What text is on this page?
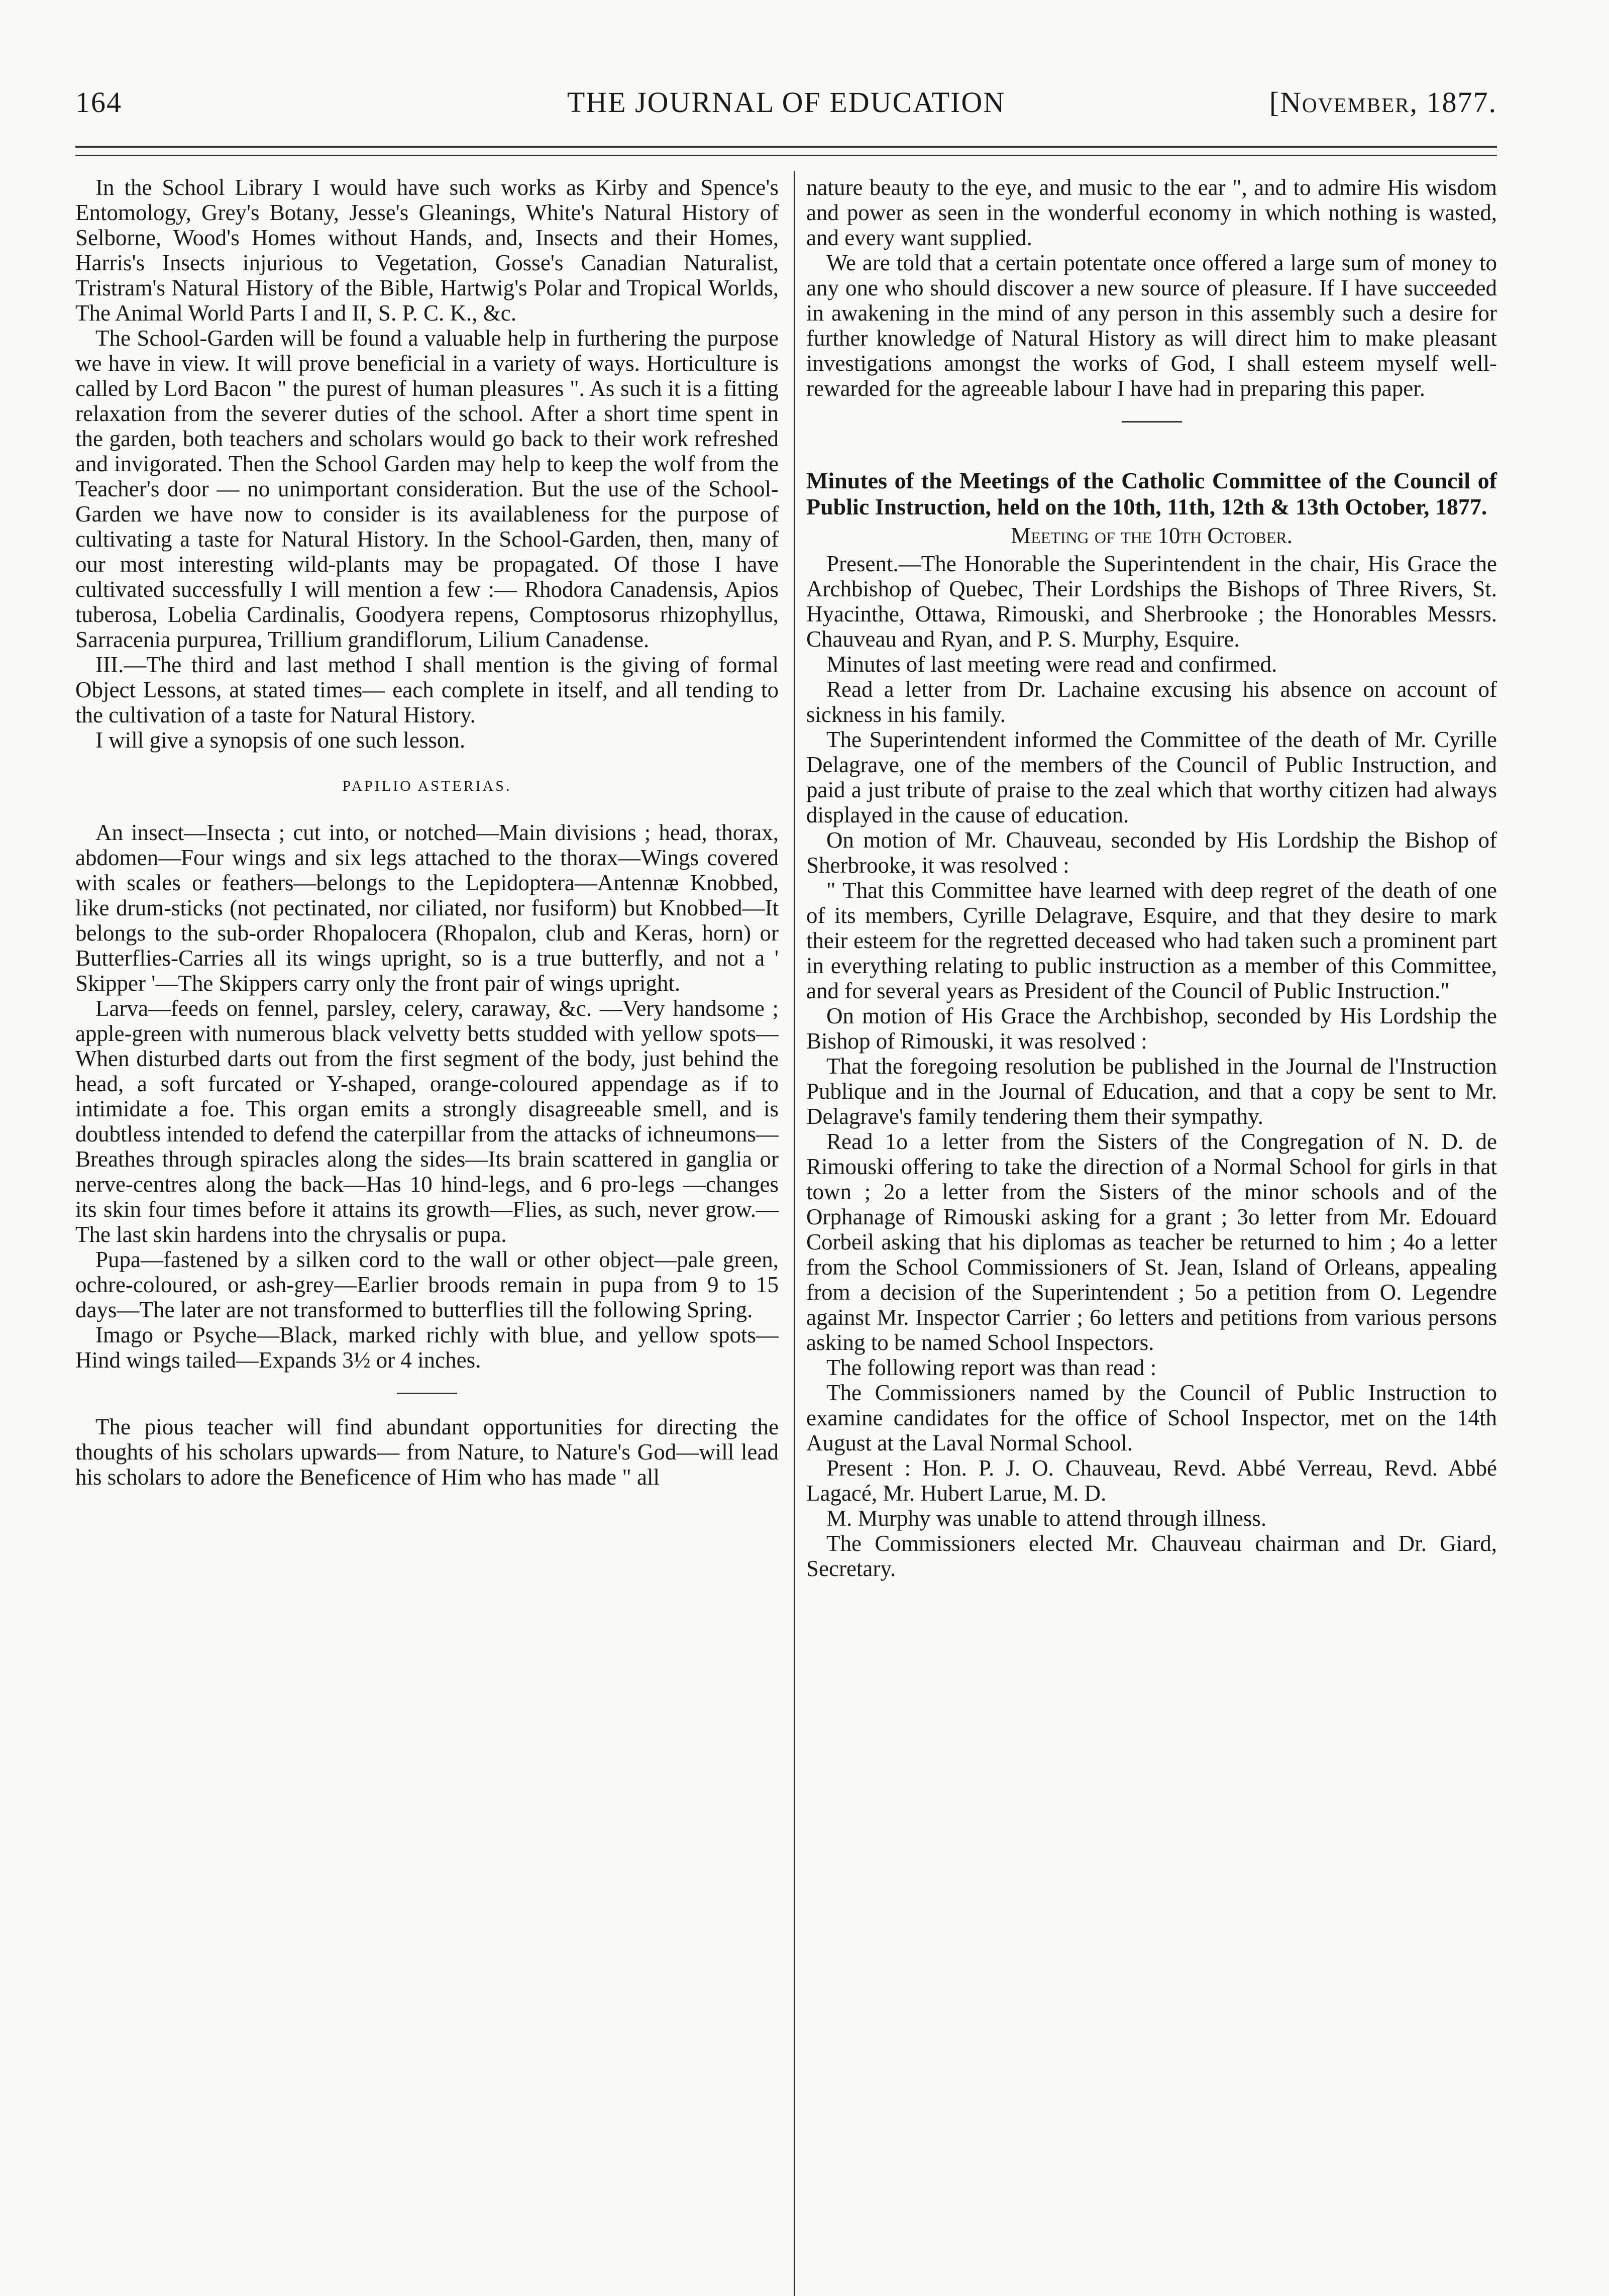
164	THE JOURNAL OF EDUCATION	[November, 1877.

In the School Library I would have such works as Kirby and Spence's Entomology, Grey's Botany, Jesse's Gleanings, White's Natural History of Selborne, Wood's Homes without Hands, and, Insects and their Homes, Harris's Insects injurious to Vegetation, Gosse's Canadian Naturalist, Tristram's Natural History of the Bible, Hartwig's Polar and Tropical Worlds, The Animal World Parts I and II, S. P. C. K., &c.

The School-Garden will be found a valuable help in furthering the purpose we have in view. It will prove beneficial in a variety of ways. Horticulture is called by Lord Bacon " the purest of human pleasures ". As such it is a fitting relaxation from the severer duties of the school. After a short time spent in the garden, both teachers and scholars would go back to their work refreshed and invigorated. Then the School Garden may help to keep the wolf from the Teacher's door — no unimportant consideration. But the use of the School-Garden we have now to consider is its availableness for the purpose of cultivating a taste for Natural History. In the School-Garden, then, many of our most interesting wild-plants may be propagated. Of those I have cultivated successfully I will mention a few :— Rhodora Canadensis, Apios tuberosa, Lobelia Cardinalis, Goodyera repens, Comptosorus rhizophyllus, Sarracenia purpurea, Trillium grandiflorum, Lilium Canadense.

III.—The third and last method I shall mention is the giving of formal Object Lessons, at stated times— each complete in itself, and all tending to the cultivation of a taste for Natural History.

I will give a synopsis of one such lesson.

PAPILIO ASTERIAS.

An insect—Insecta ; cut into, or notched—Main divisions ; head, thorax, abdomen—Four wings and six legs attached to the thorax—Wings covered with scales or feathers—belongs to the Lepidoptera—Antennæ Knobbed, like drum-sticks (not pectinated, nor ciliated, nor fusiform) but Knobbed—It belongs to the sub-order Rhopalocera (Rhopalon, club and Keras, horn) or Butterflies-Carries all its wings upright, so is a true butterfly, and not a ' Skipper '—The Skippers carry only the front pair of wings upright.

Larva—feeds on fennel, parsley, celery, caraway, &c. —Very handsome ; apple-green with numerous black velvetty betts studded with yellow spots—When disturbed darts out from the first segment of the body, just behind the head, a soft furcated or Y-shaped, orange-coloured appendage as if to intimidate a foe. This organ emits a strongly disagreeable smell, and is doubtless intended to defend the caterpillar from the attacks of ichneumons—Breathes through spiracles along the sides—Its brain scattered in ganglia or nerve-centres along the back—Has 10 hind-legs, and 6 pro-legs —changes its skin four times before it attains its growth—Flies, as such, never grow.—The last skin hardens into the chrysalis or pupa.

Pupa—fastened by a silken cord to the wall or other object—pale green, ochre-coloured, or ash-grey—Earlier broods remain in pupa from 9 to 15 days—The later are not transformed to butterflies till the following Spring.

Imago or Psyche—Black, marked richly with blue, and yellow spots—Hind wings tailed—Expands 3½ or 4 inches.

The pious teacher will find abundant opportunities for directing the thoughts of his scholars upwards— from Nature, to Nature's God—will lead his scholars to adore the Beneficence of Him who has made " all

nature beauty to the eye, and music to the ear ", and to admire His wisdom and power as seen in the wonderful economy in which nothing is wasted, and every want supplied.

We are told that a certain potentate once offered a large sum of money to any one who should discover a new source of pleasure. If I have succeeded in awakening in the mind of any person in this assembly such a desire for further knowledge of Natural History as will direct him to make pleasant investigations amongst the works of God, I shall esteem myself well-rewarded for the agreeable labour I have had in preparing this paper.

Minutes of the Meetings of the Catholic Committee of the Council of Public Instruction, held on the 10th, 11th, 12th & 13th October, 1877.

Meeting of the 10th October.

Present.—The Honorable the Superintendent in the chair, His Grace the Archbishop of Quebec, Their Lordships the Bishops of Three Rivers, St. Hyacinthe, Ottawa, Rimouski, and Sherbrooke ; the Honorables Messrs. Chauveau and Ryan, and P. S. Murphy, Esquire.

Minutes of last meeting were read and confirmed.

Read a letter from Dr. Lachaine excusing his absence on account of sickness in his family.

The Superintendent informed the Committee of the death of Mr. Cyrille Delagrave, one of the members of the Council of Public Instruction, and paid a just tribute of praise to the zeal which that worthy citizen had always displayed in the cause of education.

On motion of Mr. Chauveau, seconded by His Lordship the Bishop of Sherbrooke, it was resolved :

" That this Committee have learned with deep regret of the death of one of its members, Cyrille Delagrave, Esquire, and that they desire to mark their esteem for the regretted deceased who had taken such a prominent part in everything relating to public instruction as a member of this Committee, and for several years as President of the Council of Public Instruction."

On motion of His Grace the Archbishop, seconded by His Lordship the Bishop of Rimouski, it was resolved :

That the foregoing resolution be published in the Journal de l'Instruction Publique and in the Journal of Education, and that a copy be sent to Mr. Delagrave's family tendering them their sympathy.

Read 1o a letter from the Sisters of the Congregation of N. D. de Rimouski offering to take the direction of a Normal School for girls in that town ; 2o a letter from the Sisters of the minor schools and of the Orphanage of Rimouski asking for a grant ; 3o letter from Mr. Edouard Corbeil asking that his diplomas as teacher be returned to him ; 4o a letter from the School Commissioners of St. Jean, Island of Orleans, appealing from a decision of the Superintendent ; 5o a petition from O. Legendre against Mr. Inspector Carrier ; 6o letters and petitions from various persons asking to be named School Inspectors.

The following report was than read :

The Commissioners named by the Council of Public Instruction to examine candidates for the office of School Inspector, met on the 14th August at the Laval Normal School.

Present : Hon. P. J. O. Chauveau, Revd. Abbé Verreau, Revd. Abbé Lagacé, Mr. Hubert Larue, M. D.

M. Murphy was unable to attend through illness.

The Commissioners elected Mr. Chauveau chairman and Dr. Giard, Secretary.
